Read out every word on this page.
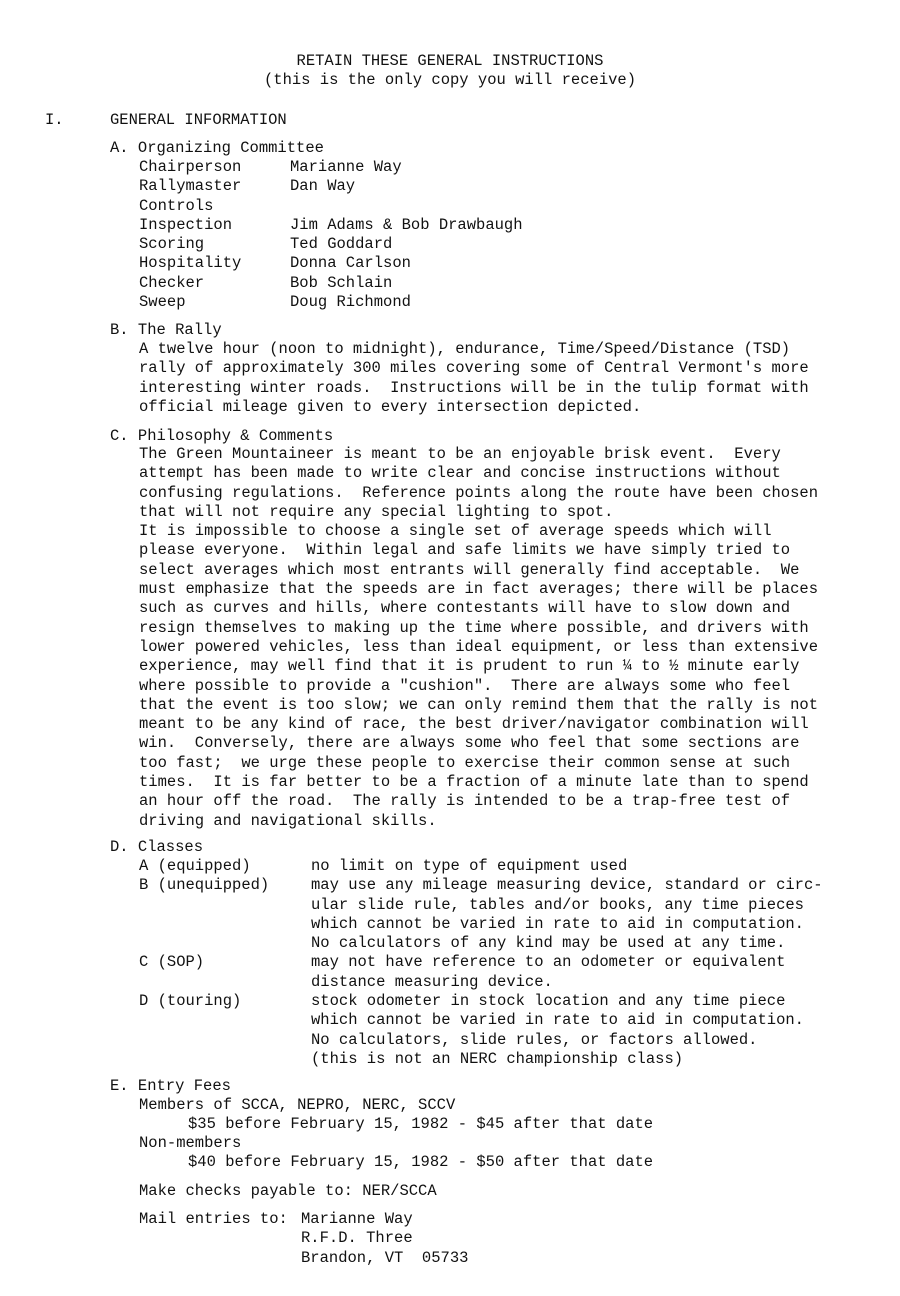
RETAIN THESE GENERAL INSTRUCTIONS
(this is the only copy you will receive)
I.	GENERAL INFORMATION
A. Organizing Committee
Chairperson	Marianne Way
Rallymaster	Dan Way
Controls
Inspection	Jim Adams & Bob Drawbaugh
Scoring	Ted Goddard
Hospitality	Donna Carlson
Checker	Bob Schlain
Sweep	Doug Richmond
B. The Rally
A twelve hour (noon to midnight), endurance, Time/Speed/Distance (TSD)
rally of approximately 300 miles covering some of Central Vermont's more
interesting winter roads.  Instructions will be in the tulip format with
official mileage given to every intersection depicted.
C. Philosophy & Comments
The Green Mountaineer is meant to be an enjoyable brisk event.  Every
attempt has been made to write clear and concise instructions without
confusing regulations.  Reference points along the route have been chosen
that will not require any special lighting to spot.
It is impossible to choose a single set of average speeds which will
please everyone.  Within legal and safe limits we have simply tried to
select averages which most entrants will generally find acceptable.  We
must emphasize that the speeds are in fact averages; there will be places
such as curves and hills, where contestants will have to slow down and
resign themselves to making up the time where possible, and drivers with
lower powered vehicles, less than ideal equipment, or less than extensive
experience, may well find that it is prudent to run ¼ to ½ minute early
where possible to provide a "cushion".  There are always some who feel
that the event is too slow; we can only remind them that the rally is not
meant to be any kind of race, the best driver/navigator combination will
win.  Conversely, there are always some who feel that some sections are
too fast;  we urge these people to exercise their common sense at such
times.  It is far better to be a fraction of a minute late than to spend
an hour off the road.  The rally is intended to be a trap-free test of
driving and navigational skills.
D. Classes
A (equipped)	no limit on type of equipment used
B (unequipped)	may use any mileage measuring device, standard or circ-
ular slide rule, tables and/or books, any time pieces
which cannot be varied in rate to aid in computation.
No calculators of any kind may be used at any time.
C (SOP)	may not have reference to an odometer or equivalent
distance measuring device.
D (touring)	stock odometer in stock location and any time piece
which cannot be varied in rate to aid in computation.
No calculators, slide rules, or factors allowed.
(this is not an NERC championship class)
E. Entry Fees
Members of SCCA, NEPRO, NERC, SCCV
$35 before February 15, 1982 - $45 after that date
Non-members
$40 before February 15, 1982 - $50 after that date
Make checks payable to: NER/SCCA
Mail entries to: Marianne Way
R.F.D. Three
Brandon, VT  05733
